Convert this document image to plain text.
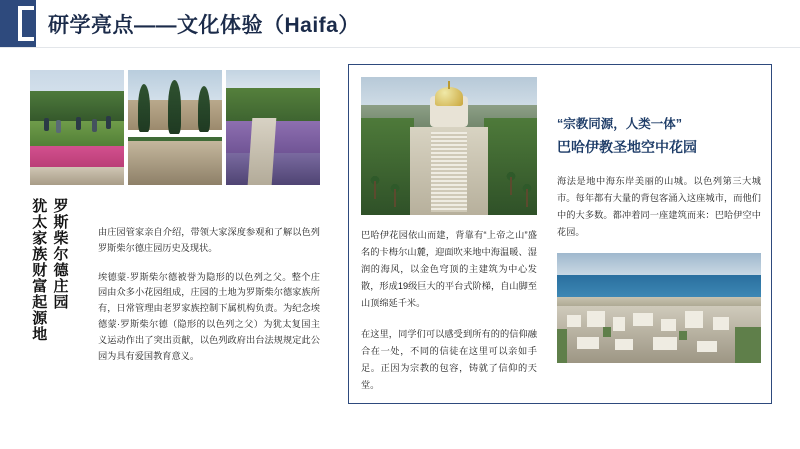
研学亮点——文化体验（Haifa）
犹太家族财富起源地 罗斯柴尔德庄园	由庄园管家亲自介绍，带领大家深度参观和了解以色列罗斯柴尔德庄园历史及现状。

埃德蒙·罗斯柴尔德被誉为隐形的以色列之父。整个庄园由众多小花园组成，庄园的土地为罗斯柴尔德家族所有，日常管理由老罗家族控制下属机构负责。为纪念埃德蒙·罗斯柴尔德（隐形的以色列之父）为犹太复国主义运动作出了突出贡献，以色列政府出台法规规定此公园为具有爱国教育意义。

巴哈伊花园依山而建，背靠有“上帝之山”盛名的卡梅尔山麓，迎面吹来地中海温暖、湿润的海风，以金色穹顶的主建筑为中心发散，形成19级巨大的平台式阶梯，自山脚至山顶绵延千米。

在这里，同学们可以感受到所有的的信仰融合在一处，不同的信徒在这里可以亲如手足。正因为宗教的包容，铸就了信仰的天堂。

“宗教同源，人类一体”
巴哈伊教圣地空中花园
海法是地中海东岸美丽的山城。以色列第三大城市。每年都有大量的背包客涌入这座城市，而他们中的大多数。都冲着同一座建筑而来：巴哈伊空中花园。
